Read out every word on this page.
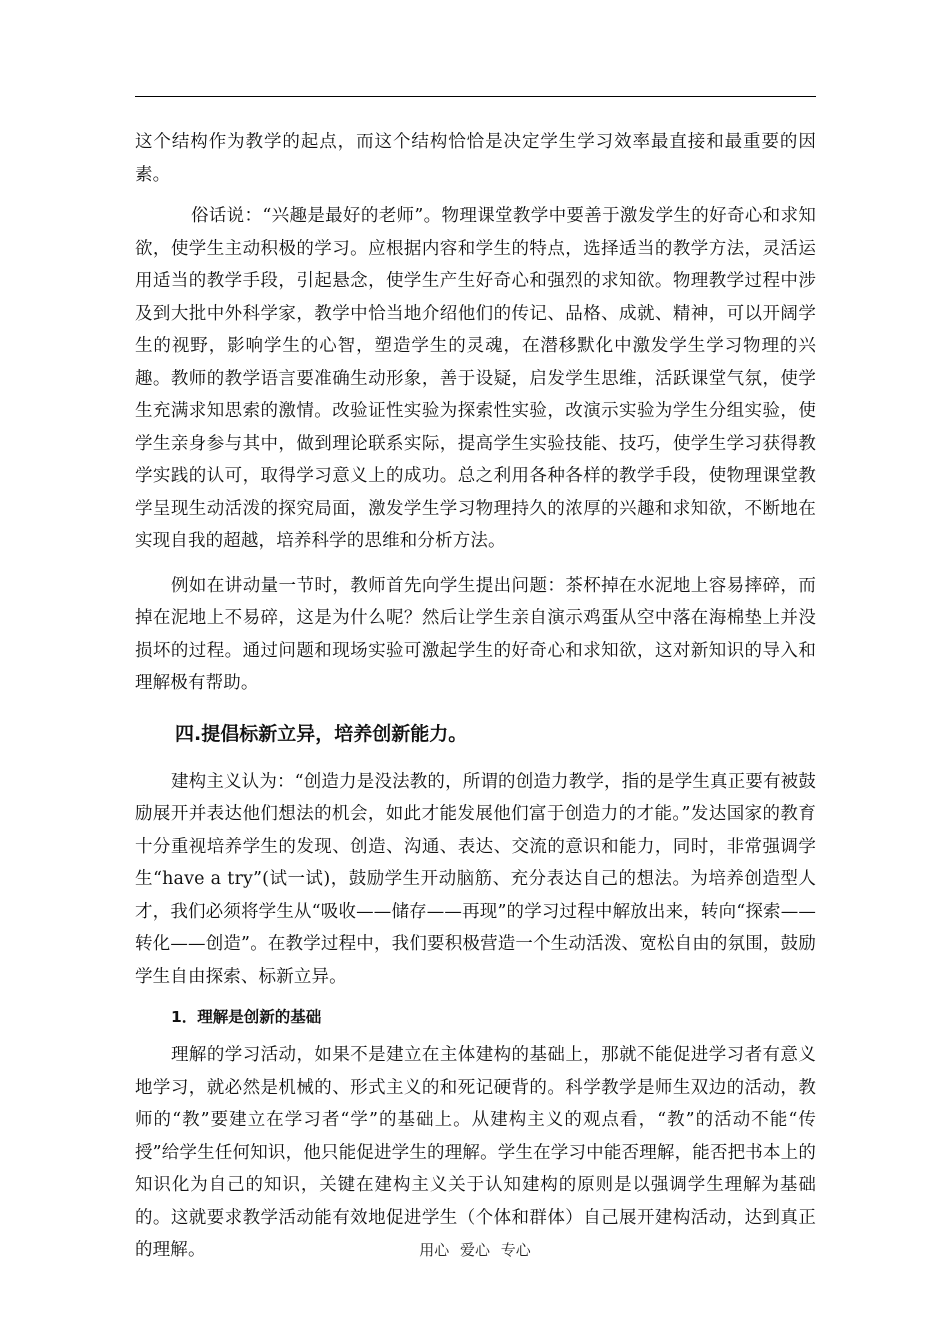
这个结构作为教学的起点，而这个结构恰恰是决定学生学习效率最直接和最重要的因素。

俗话说：“兴趣是最好的老师”。物理课堂教学中要善于激发学生的好奇心和求知欲，使学生主动积极的学习。应根据内容和学生的特点，选择适当的教学方法，灵活运用适当的教学手段，引起悬念，使学生产生好奇心和强烈的求知欲。物理教学过程中涉及到大批中外科学家，教学中恰当地介绍他们的传记、品格、成就、精神，可以开阔学生的视野，影响学生的心智，塑造学生的灵魂，在潜移默化中激发学生学习物理的兴趣。教师的教学语言要准确生动形象，善于设疑，启发学生思维，活跃课堂气氛，使学生充满求知思索的激情。改验证性实验为探索性实验，改演示实验为学生分组实验，使学生亲身参与其中，做到理论联系实际，提高学生实验技能、技巧，使学生学习获得教学实践的认可，取得学习意义上的成功。总之利用各种各样的教学手段，使物理课堂教学呈现生动活泼的探究局面，激发学生学习物理持久的浓厚的兴趣和求知欲，不断地在实现自我的超越，培养科学的思维和分析方法。

例如在讲动量一节时，教师首先向学生提出问题：茶杯掉在水泥地上容易摔碎，而掉在泥地上不易碎，这是为什么呢？然后让学生亲自演示鸡蛋从空中落在海棉垫上并没损坏的过程。通过问题和现场实验可激起学生的好奇心和求知欲，这对新知识的导入和理解极有帮助。

四.提倡标新立异，培养创新能力。

建构主义认为：“创造力是没法教的，所谓的创造力教学，指的是学生真正要有被鼓励展开并表达他们想法的机会，如此才能发展他们富于创造力的才能。”发达国家的教育十分重视培养学生的发现、创造、沟通、表达、交流的意识和能力，同时，非常强调学生“have a try”(试一试)，鼓励学生开动脑筋、充分表达自己的想法。为培养创造型人才，我们必须将学生从“吸收——储存——再现”的学习过程中解放出来，转向“探索——转化——创造”。在教学过程中，我们要积极营造一个生动活泼、宽松自由的氛围，鼓励学生自由探索、标新立异。

1．理解是创新的基础

理解的学习活动，如果不是建立在主体建构的基础上，那就不能促进学习者有意义地学习，就必然是机械的、形式主义的和死记硬背的。科学教学是师生双边的活动，教师的“教”要建立在学习者“学”的基础上。从建构主义的观点看，“教”的活动不能“传授”给学生任何知识，他只能促进学生的理解。学生在学习中能否理解，能否把书本上的知识化为自己的知识，关键在建构主义关于认知建构的原则是以强调学生理解为基础的。这就要求教学活动能有效地促进学生（个体和群体）自己展开建构活动，达到真正的理解。	用心 爱心 专心
